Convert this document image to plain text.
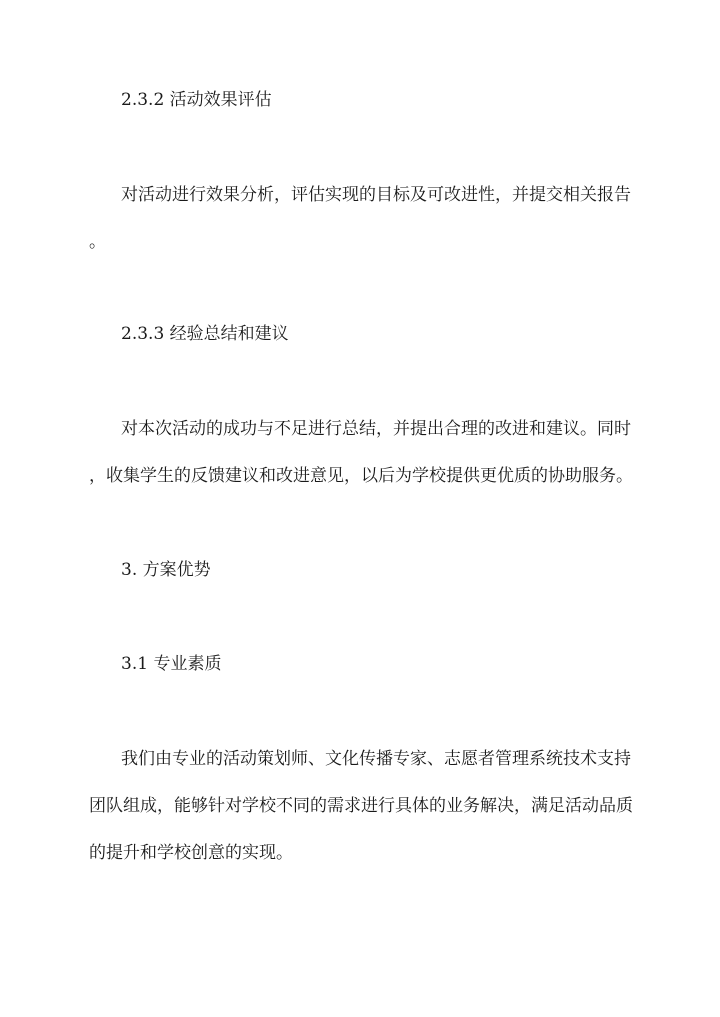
2.3.2 活动效果评估
对活动进行效果分析，评估实现的目标及可改进性，并提交相关报告
。
2.3.3 经验总结和建议
对本次活动的成功与不足进行总结，并提出合理的改进和建议。同时
，收集学生的反馈建议和改进意见，以后为学校提供更优质的协助服务。
3. 方案优势
3.1 专业素质
我们由专业的活动策划师、文化传播专家、志愿者管理系统技术支持
团队组成，能够针对学校不同的需求进行具体的业务解决，满足活动品质
的提升和学校创意的实现。
